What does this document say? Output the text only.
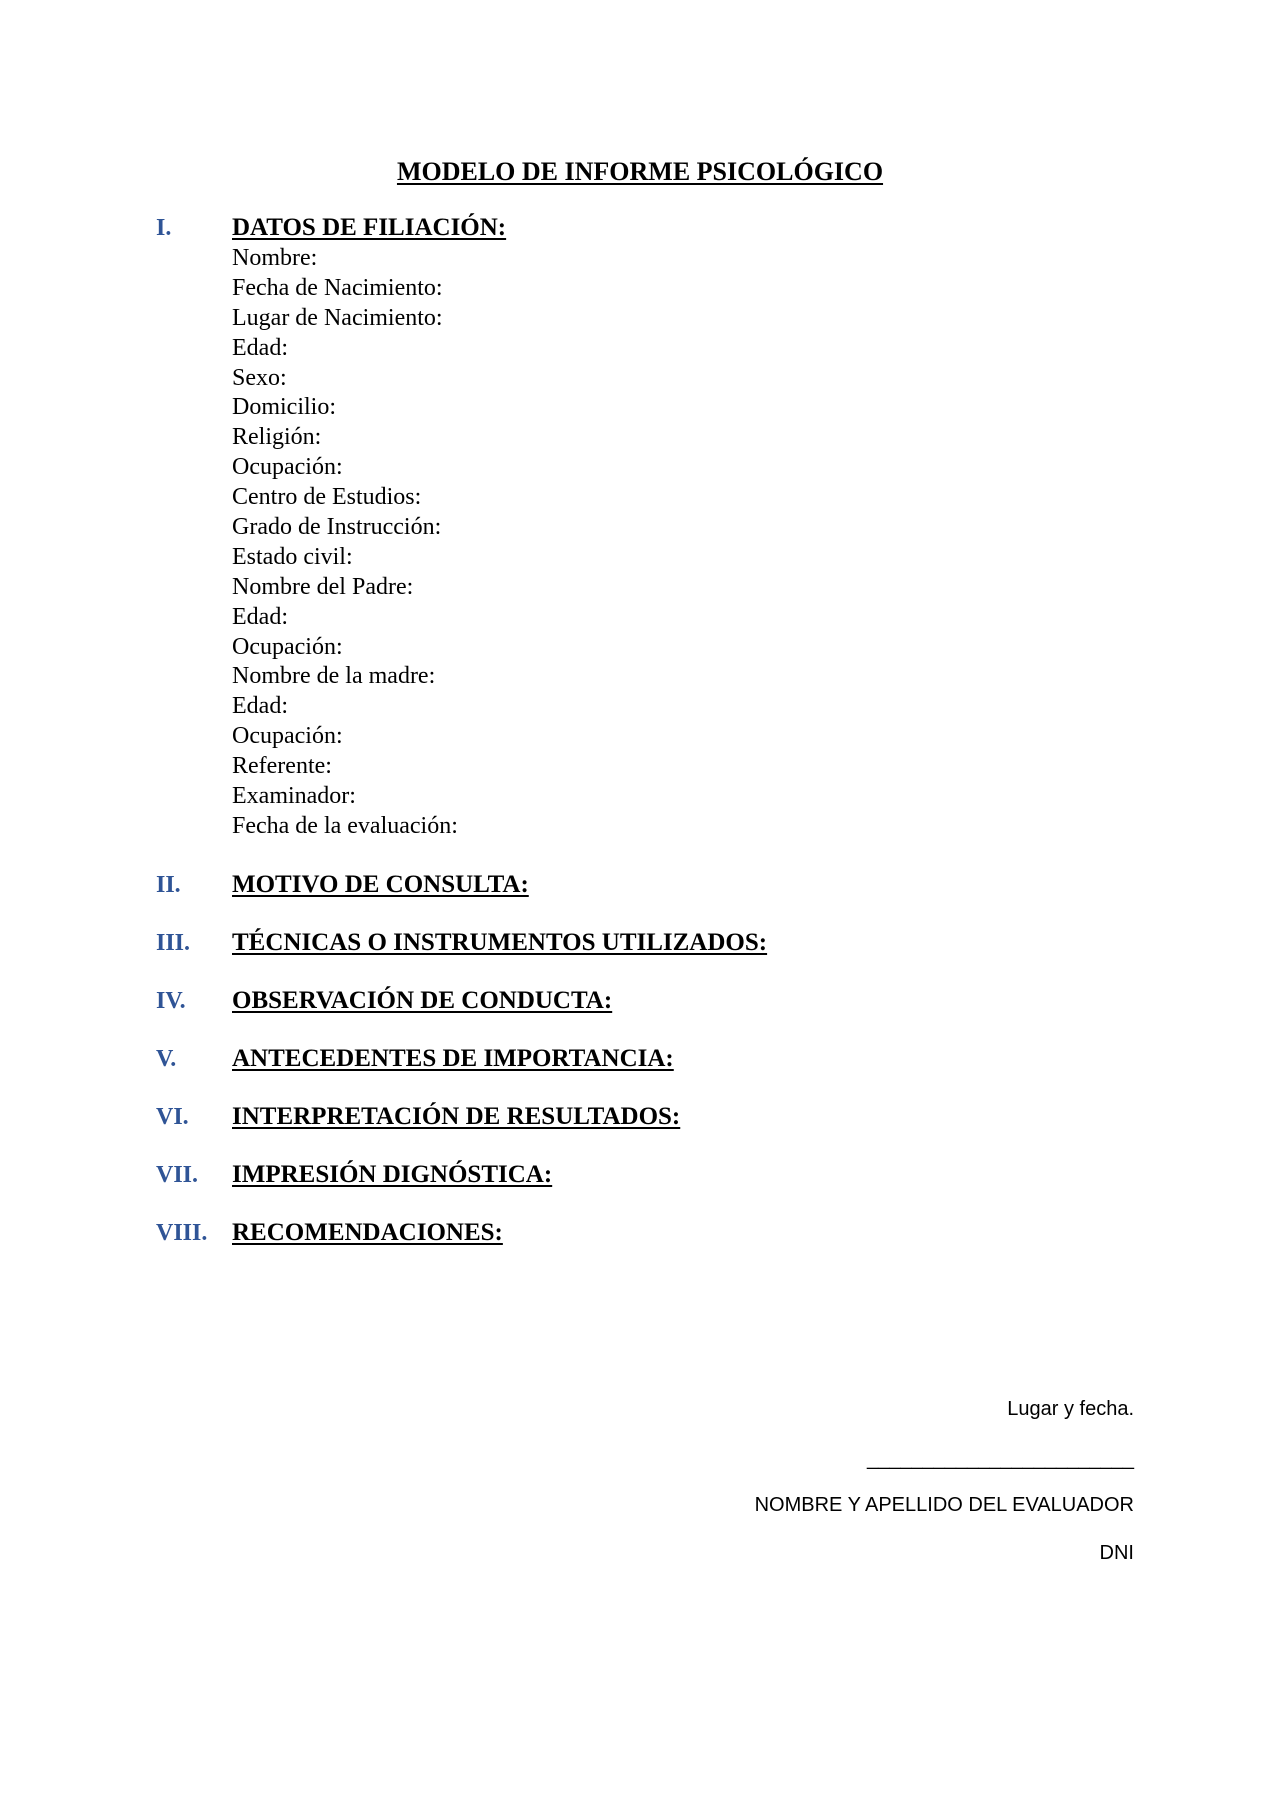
MODELO DE INFORME PSICOLÓGICO
I.	DATOS DE FILIACIÓN:
Nombre:
Fecha de Nacimiento:
Lugar de Nacimiento:
Edad:
Sexo:
Domicilio:
Religión:
Ocupación:
Centro de Estudios:
Grado de Instrucción:
Estado civil:
Nombre del Padre:
Edad:
Ocupación:
Nombre de la madre:
Edad:
Ocupación:
Referente:
Examinador:
Fecha de la evaluación:
II.	MOTIVO DE CONSULTA:
III.	TÉCNICAS O INSTRUMENTOS UTILIZADOS:
IV.	OBSERVACIÓN DE CONDUCTA:
V.	ANTECEDENTES DE IMPORTANCIA:
VI.	INTERPRETACIÓN DE RESULTADOS:
VII.	IMPRESIÓN DIGNÓSTICA:
VIII. RECOMENDACIONES:
Lugar y fecha.
________________________
NOMBRE Y APELLIDO DEL EVALUADOR
DNI
